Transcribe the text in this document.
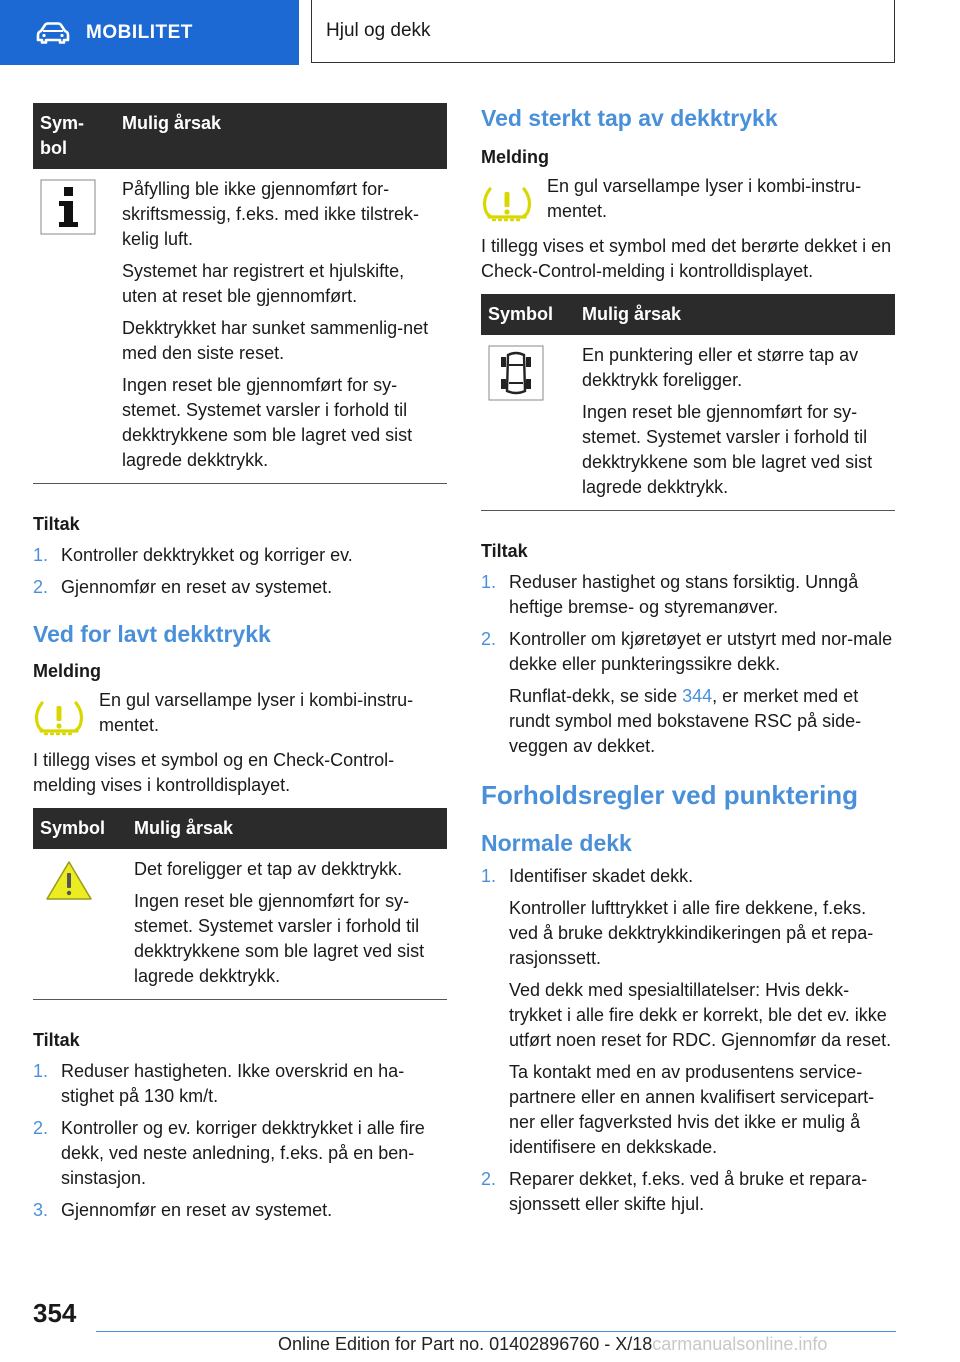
MOBILITET	Hjul og dekk
Sym-
bol	Mulig årsak

Påfylling ble ikke gjennomført for-skriftsmessig, f.eks. med ikke tilstrek-kelig luft.

Systemet har registrert et hjulskifte, uten at reset ble gjennomført.

Dekktrykket har sunket sammenlig-net med den siste reset.

Ingen reset ble gjennomført for sy-stemet. Systemet varsler i forhold til dekktrykkene som ble lagret ved sist lagrede dekktrykk.

Tiltak

1. Kontroller dekktrykket og korriger ev.
2. Gjennomfør en reset av systemet.

Ved for lavt dekktrykk

Melding

En gul varsellampe lyser i kombi-instru-mentet.

I tillegg vises et symbol og en Check-Control-melding vises i kontrolldisplayet.

Symbol	Mulig årsak

Det foreligger et tap av dekktrykk.

Ingen reset ble gjennomført for sy-stemet. Systemet varsler i forhold til dekktrykkene som ble lagret ved sist lagrede dekktrykk.

Tiltak

1. Reduser hastigheten. Ikke overskrid en ha-stighet på 130 km/t.
2. Kontroller og ev. korriger dekktrykket i alle fire dekk, ved neste anledning, f.eks. på en ben-sinstasjon.
3. Gjennomfør en reset av systemet.

Ved sterkt tap av dekktrykk

Melding

En gul varsellampe lyser i kombi-instru-mentet.

I tillegg vises et symbol med det berørte dekket i en Check-Control-melding i kontrolldisplayet.

Symbol	Mulig årsak

En punktering eller et større tap av dekktrykk foreligger.

Ingen reset ble gjennomført for sy-stemet. Systemet varsler i forhold til dekktrykkene som ble lagret ved sist lagrede dekktrykk.

Tiltak

1. Reduser hastighet og stans forsiktig. Unngå heftige bremse- og styremanøver.

2. Kontroller om kjøretøyet er utstyrt med nor-male dekke eller punkteringssikre dekk.

Runflat-dekk, se side 344, er merket med et rundt symbol med bokstavene RSC på side-veggen av dekket.

Forholdsregler ved punktering

Normale dekk

1. Identifiser skadet dekk.

Kontroller lufttrykket i alle fire dekkene, f.eks. ved å bruke dekktrykkindikeringen på et repa-rasjonssett.

Ved dekk med spesialtillatelser: Hvis dekk-trykket i alle fire dekk er korrekt, ble det ev. ikke utført noen reset for RDC. Gjennomfør da reset.

Ta kontakt med en av produsentens service-partnere eller en annen kvalifisert servicepart-ner eller fagverksted hvis det ikke er mulig å identifisere en dekkskade.

2. Reparer dekket, f.eks. ved å bruke et repara-sjonssett eller skifte hjul.

354
Online Edition for Part no. 01402896760 - X/18carmanualsonline.info
